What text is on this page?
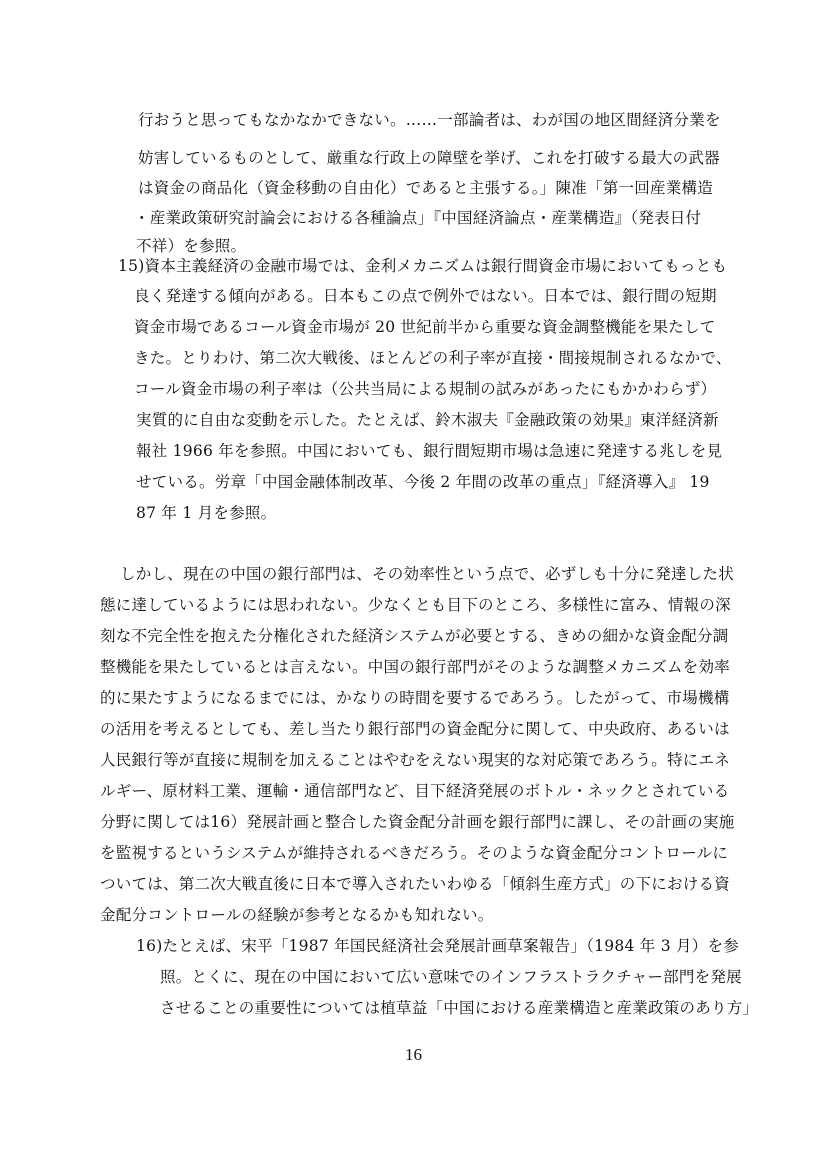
行おうと思ってもなかなかできない。……一部論者は、わが国の地区間経済分業を
妨害しているものとして、厳重な行政上の障壁を挙げ、これを打破する最大の武器
は資金の商品化（資金移動の自由化）であると主張する。」陳准「第一回産業構造
・産業政策研究討論会における各種論点」『中国経済論点・産業構造』（発表日付
不祥）を参照。
15)資本主義経済の金融市場では、金利メカニズムは銀行間資金市場においてもっとも
良く発達する傾向がある。日本もこの点で例外ではない。日本では、銀行間の短期
資金市場であるコール資金市場が 20 世紀前半から重要な資金調整機能を果たして
きた。とりわけ、第二次大戦後、ほとんどの利子率が直接・間接規制されるなかで、
コール資金市場の利子率は（公共当局による規制の試みがあったにもかかわらず）
実質的に自由な変動を示した。たとえば、鈴木淑夫『金融政策の効果』東洋経済新
報社 1966 年を参照。中国においても、銀行間短期市場は急速に発達する兆しを見
せている。労章「中国金融体制改革、今後 2 年間の改革の重点」『経済導入』 19
87 年 1 月を参照。
しかし、現在の中国の銀行部門は、その効率性という点で、必ずしも十分に発達した状
態に達しているようには思われない。少なくとも目下のところ、多様性に富み、情報の深
刻な不完全性を抱えた分権化された経済システムが必要とする、きめの細かな資金配分調
整機能を果たしているとは言えない。中国の銀行部門がそのような調整メカニズムを効率
的に果たすようになるまでには、かなりの時間を要するであろう。したがって、市場機構
の活用を考えるとしても、差し当たり銀行部門の資金配分に関して、中央政府、あるいは
人民銀行等が直接に規制を加えることはやむをえない現実的な対応策であろう。特にエネ
ルギー、原材料工業、運輸・通信部門など、目下経済発展のボトル・ネックとされている
分野に関しては16）発展計画と整合した資金配分計画を銀行部門に課し、その計画の実施
を監視するというシステムが維持されるべきだろう。そのような資金配分コントロールに
ついては、第二次大戦直後に日本で導入されたいわゆる「傾斜生産方式」の下における資
金配分コントロールの経験が参考となるかも知れない。
16)たとえば、宋平「1987 年国民経済社会発展計画草案報告」（1984 年 3 月）を参
照。とくに、現在の中国において広い意味でのインフラストラクチャー部門を発展
させることの重要性については植草益「中国における産業構造と産業政策のあり方」
16
